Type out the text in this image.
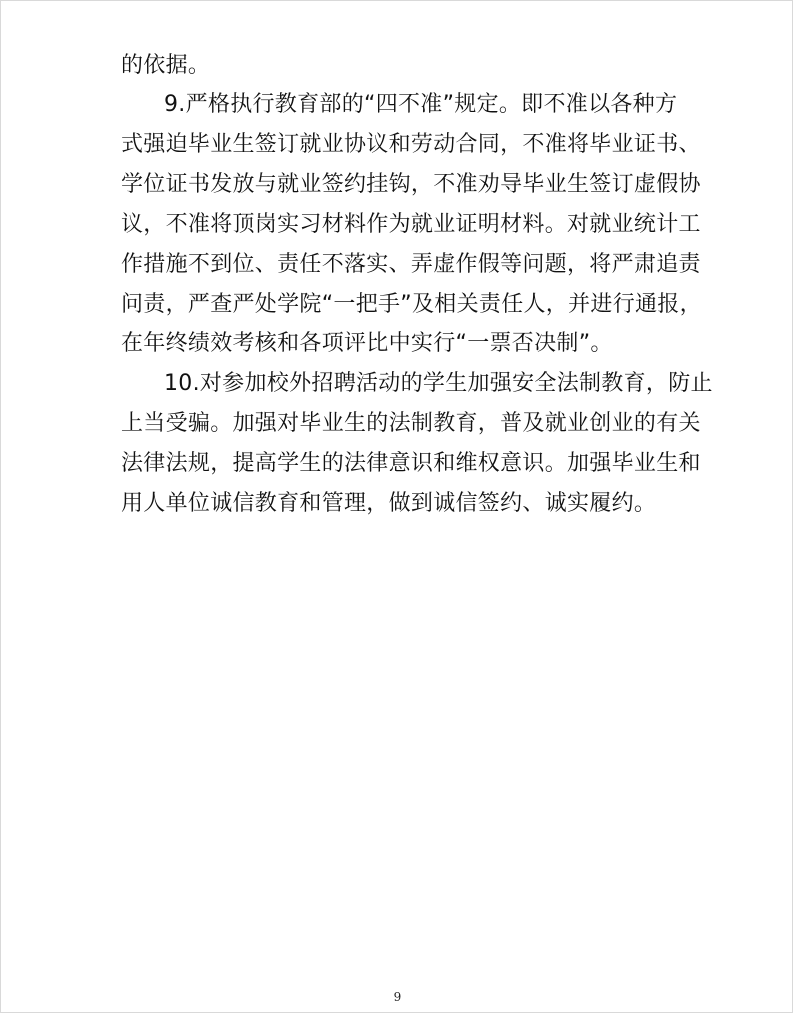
的依据。
9.严格执行教育部的“四不准”规定。即不准以各种方
式强迫毕业生签订就业协议和劳动合同，不准将毕业证书、
学位证书发放与就业签约挂钩，不准劝导毕业生签订虚假协
议，不准将顶岗实习材料作为就业证明材料。对就业统计工
作措施不到位、责任不落实、弄虚作假等问题，将严肃追责
问责，严查严处学院“一把手”及相关责任人，并进行通报，
在年终绩效考核和各项评比中实行“一票否决制”。
10.对参加校外招聘活动的学生加强安全法制教育，防止
上当受骗。加强对毕业生的法制教育，普及就业创业的有关
法律法规，提高学生的法律意识和维权意识。加强毕业生和
用人单位诚信教育和管理，做到诚信签约、诚实履约。
9
